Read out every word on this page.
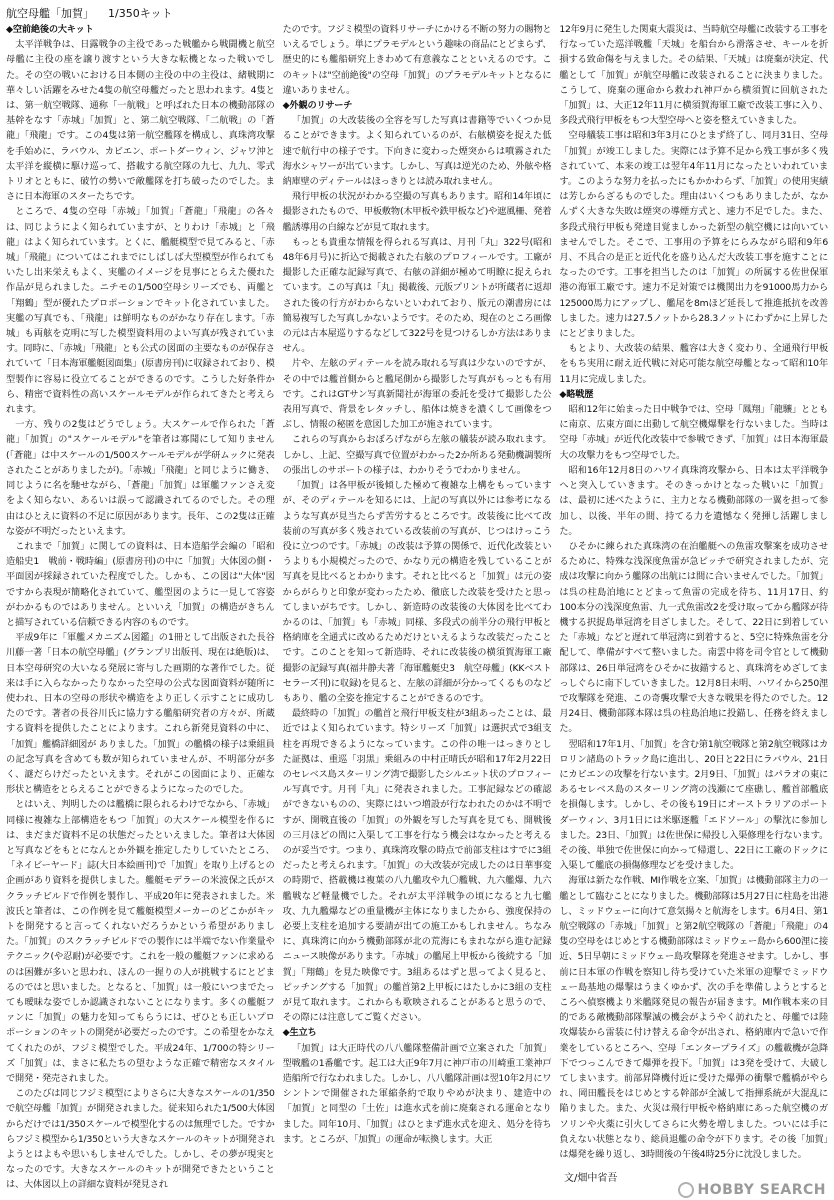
航空母艦「加賀」 1/350キット

◆ 空前絶後の大キット

太平洋戦争は、日露戦争の主役であった戦艦から戦闘機と航空母艦に主役の座を譲り渡すという大きな転機となった戦いでした。その空の戦いにおける日本側の主役の中の主役は、緒戦期に華々しい活躍をみせた4隻の航空母艦だったと思われます。4隻とは、第一航空戦隊、通称「一航戦」と呼ばれた日本の機動部隊の基幹をなす「赤城」「加賀」と、第二航空戦隊、「二航戦」の「蒼龍」「飛龍」です。この4隻は第一航空艦隊を構成し、真珠湾攻撃を手始めに、ラバウル、カビエン、ポートダーウィン、ジャワ沖と太平洋を縦横に駆け巡って、搭載する航空隊の九七、九九、零式トリオとともに、破竹の勢いで敵艦隊を打ち破ったのでした。まさに日本海軍のスターたちです。

ところで、4隻の空母「赤城」「加賀」「蒼龍」「飛龍」の各々は、同じようによく知られていますが、とりわけ「赤城」と「飛龍」はよく知られています。とくに、艦艇模型で見てみると、「赤城」「飛龍」についてはこれまでにしばしば大型模型が作られてもいたし出来栄えもよく、実艦のイメージを見事にとらえた優れた作品が見られました。ニチモの1/500空母シリーズでも、両艦と「翔鶴」型が優れたプロポーションでキット化されていました。実艦の写真でも、「飛龍」は鮮明なものがかなり存在します。「赤城」も両舷を克明に写した模型資料用のよい写真が残されています。同時に、「赤城」「飛龍」とも公式の図面の主要なものが保存されていて「日本海軍艦艇図面集」(原書房刊)に収録されており、模型製作に容易に役立てることができるのです。こうした好条件から、精密で資料性の高いスケールモデルが作られてきたと考えられます。

一方、残りの2隻はどうでしょう。大スケールで作られた「蒼龍」「加賀」の"スケールモデル"を筆者は寡聞にして知りません(「蒼龍」は中スケールの1/500スケールモデルが学研ムックに発表されたことがありましたが)。「赤城」「飛龍」と同じように働き、同じように名を馳せながら、「蒼龍」「加賀」は軍艦ファンさえ変をよく知らない、あるいは誤って認識されてるのでした。その理由はひとえに資料の不足に原因があります。長年、この2隻は正確な姿が不明だったといえます。

これまで「加賀」に関しての資料は、日本造船学会編の「昭和造船史1　戦前・戦時編」(原書房刊)の中に「加賀」大体図の側・平面図が採録されていた程度でした。しかも、この図は"大体"図ですから表現が簡略化されていて、艦型図のように一見して容姿がわかるものではありません。といいえ「加賀」の構造がきちんと描写されている信頼できる内容のものです。

平成9年に「軍艦メカニズム図鑑」の1冊として出版された長谷川藤一著「日本の航空母艦」(グランプリ出版刊、現在は絶版)は、日本空母研究の大いなる発展に寄与した画期的な著作でした。従来は手に入らなかったりなかった空母の公式な図面資料が随所に使われ、日本の空母の形状や構造をより正しく示すことに成功したのです。著者の長谷川氏に協力する艦船研究者の方々が、所蔵する資料を提供したことによります。これら新発見資料の中に、「加賀」艦橋詳細図が ありました。「加賀」の艦橋の様子は乗組員の記念写真を含めても数が知られていませんが、不明部分が多く、謎だらけだったといえます。それがこの図面により、正確な形状と構造をとらえることができるようになったのでした。

とはいえ、判明したのは艦橋に限られるわけでなから、「赤城」同様に複雑な上部構造をもつ「加賀」の大スケール模型を作るには、まだまだ資料不足の状態だったといえました。筆者は大体図と写真などをもとになんとか外観を推定したりしていたところ、「ネイビーヤード」誌(大日本絵画刊)で「加賀」を取り上げるとの企画があり資料を提供しました。艦艇モデラーの米波保之氏がスクラッチビルドで作例を製作し、平成20年に発表されました。米波氏と筆者は、この作例を見て艦艇模型メーカーのどこかがキットを開発すると言ってくれないだろうかという希望がありました。「加賀」のスクラッチビルドでの製作には半端でない作業量やテクニック(や忍耐)が必要です。これを一般の艦艇ファンに求めるのは困難が多いと思われ、ほんの一握りの人が挑戦するにとどまるのではと思いました。となると、「加賀」は一般にいつまでたっても曖昧な姿でしか認識されないことになります。多くの艦艇ファンに「加賀」の魅力を知ってもらうには、ぜひとも正しいプロポーションのキットの開発が必要だったのです。この希望をかなえてくれたのが、フジミ模型でした。平成24年、1/700の特シリーズ「加賀」は、まさに私たちの望むような正確で精密なスタイルで開発・発売されました。

このたびは同じフジミ模型によりさらに大きなスケールの1/350で航空母艦「加賀」が開発されました。従来知られた1/500大体図からだけでは1/350スケールで模型化するのは無理でした。ですからフジミ模型から1/350という大きなスケールのキットが開発されようとはよもや思いもしませんでした。しかし、その夢が現実となったのです。大きなスケールのキットが開発できたということは、大体図以上の詳細な資料が発見され

たのです。フジミ模型の資料リサーチにかける不断の努力の賜物といえるでしょう。単にプラモデルという趣味の商品にとどまらず、歴史的にも艦船研究上きわめて有意義なことといえるのです。このキットは"空前絶後"の空母「加賀」のプラモデルキットとなるに違いありません。

◆ 外観のリサーチ

「加賀」の大改装後の全容を写した写真は書籍等でいくつか見ることができます。よく知られているのが、右舷横姿を捉えた低速で航行中の様子です。下向きに変わった煙突からは噴霧された海水シャワーが出ています。しかし、写真は逆光のため、外舷や格納庫壁のディテールはほっきりとは読み取れません。

飛行甲板の状況がわかる空撮の写真もあります。昭和14年頃に撮影されたもので、甲板敷物(木甲板や鉄甲板など)や遮風柵、発着艦誘導用の白線などが見て取れます。

もっとも貴重な情報を得られる写真は、月刊「丸」322号(昭和48年6月号)に折込で掲載された右舷のプロフィールです。工廠が撮影した正確な記録写真で、右舷の詳細が極めて明瞭に捉えられています。この写真は「丸」掲載後、元版プリントが所蔵者に返却された後の行方がわからないといわれており、版元の潮書房には簡易複写した写真しかないようです。そのため、現在のところ画像の元は古本屋巡りするなどして322号を見つけるしか方法はありません。

片や、左舷のディテールを読み取れる写真は少ないのですが、その中では艦首側からと艦尾側から撮影した写真がもっとも有用です。これはGTサン写真新聞社が海軍の委託を受けて撮影した公表用写真で、背景をレタッチし、船体は焼きを濃くして画像をつぶし、情報の秘匿を意図した加工が施されています。

これらの写真からおぼろげながら左舷の艤装が読み取れます。しかし、上記、空撮写真で位置がわかった2か所ある発動機調製所の張出しのサポートの様子は、わかりそうでわかりません。

「加賀」は各甲板が後傾した極めて複雑な上構をもっていますが、そのディテールを知るには、上記の写真以外には参考になるような写真が見当たらず苦労するところです。改装後に比べて改装前の写真が多く残されている改装前の写真が、じつはけっこう役に立つのです。「赤城」の改装は予算の関係で、近代化改装というよりも小規模だったので、かなり元の構造を残していることが写真を見比べるとわかります。それと比べると「加賀」は元の姿からがらりと印象が変わったため、徹底した改装を受けたと思ってしまいがちです。しかし、新造時の改装後の大体図を比べてわかるのは、「加賀」も「赤城」同様、多段式の前半分の飛行甲板と格納庫を全通式に改めるためだけといえるような改装だったことです。このことを知って新造時、それに改装後の横須賀海軍工廠撮影の記録写真(福井静夫著「海軍艦艇史3　航空母艦」(KKベストセラーズ刊)に収録)を見ると、左舷の詳細が分かってくるものなどもあり、艦の全姿を推定することができるのです。

最終時の「加賀」の艦首と飛行甲板支柱が3組あったことは、最近ではよく知られています。特シリーズ「加賀」は選択式で3組支柱を再現できるようになっています。この件の唯一はっきりとした証拠は、重巡「羽黒」乗組みの中村正晴氏が昭和17年2月22日のセレベス島スターリング湾で撮影したシルエット状のプロフィール写真です。月刊「丸」に発表されました。工事記録などの確認ができないものの、実際にはいつ増設が行なわれたのかは不明ですが、開戦直後の「加賀」の外観を写した写真を見ても、開戦後の三月ほどの間に入渠して工事を行なう機会はなかったと考えるのが妥当です。つまり、真珠湾攻撃の時点で前部支柱はすでに3組だったと考えられます。「加賀」の大改装が完成したのは日華事変の時期で、搭載機は複葉の八九艦攻や九〇艦戦、九六艦爆、九六艦戦など軽量機でした。それが太平洋戦争の頃になると九七艦攻、九九艦爆などの重量機が主体になりましたから、強度保持の必要上支柱を追加する要請が出ての施工かもしれません。ちなみに、真珠湾に向かう機動部隊が北の荒海にもまれながら進む記録ニュース映像があります。「赤城」の艦尾上甲板から後続する「加賀」「翔鶴」を見た映像です。3組あるはずと思ってよく見ると、ピッチングする「加賀」の艦首第2上甲板にはたしかに3組の支柱が見て取れます。これからも歌映されることがあると思うので、その際には注意してご覧ください。

◆ 生立ち

「加賀」は大正時代の八八艦隊整備計画で立案された「加賀」型戦艦の1番艦です。起工は大正9年7月に神戸市の川崎重工業神戸造船所で行なわれました。しかし、八八艦隊計画は翌10年2月にワシントンで開催された軍縮条約で取りやめが決まり、建造中の「加賀」と同型の「土佐」は進水式を前に廃棄される運命となりました。同年10月、「加賀」はひとまず進水式を迎え、処分を待ちます。ところが、「加賀」の運命が転換します。大正

12年9月に発生した関東大震災は、当時航空母艦に改装する工事を行なっていた巡洋戦艦「天城」を船台から滑落させ、キールを折損する致命傷を与えました。その結果、「天城」は廃棄が決定、代艦として「加賀」が航空母艦に改装されることに決まりました。こうして、廃棄の運命から救われ神戸から横須賀に回航された「加賀」は、大正12年11月に横須賀海軍工廠で改装工事に入り、多段式飛行甲板をもつ大型空母へと姿を整えていきました。

空母艤装工事は昭和3年3月にひとまず終了し、同月31日、空母「加賀」が竣工しました。実際には予算不足から残工事が多く残されていて、本来の竣工は翌年4年11月になったといわれています。このような努力を払ったにもかかわらず、「加賀」の使用実績は芳しからざるものでした。理由はいくつもありましたが、なかんずく大きな失敗は煙突の導煙方式と、速力不足でした。また、多段式飛行甲板も発達目覚ましかった新型の航空機には向いていませんでした。そこで、工事用の予算をにらみながら昭和9年6月、不具合の是正と近代化を盛り込んだ大改装工事を施すことになったのです。工事を担当したのは「加賀」の所属する佐世保軍港の海軍工廠です。速力不足対策では機関出力を91000馬力から125000馬力にアップし、艦尾を8mほど延長して推進抵抗を改善しました。速力は27.5ノットから28.3ノットにわずかに上昇したにとどまりました。

もとより、大改装の結果、艦容は大きく変わり、全通飛行甲板をもち実用に耐え近代戦に対応可能な航空母艦となって昭和10年11月に完成しました。

◆ 略戦歴

昭和12年に始まった日中戦争では、空母「鳳翔」「龍驤」とともに南京、広東方面に出動して航空機爆撃を行ないました。当時は空母「赤城」が近代化改装中で参戦できず、「加賀」は日本海軍最大の攻撃力をもつ空母でした。

昭和16年12月8日のハワイ真珠湾攻撃から、日本は太平洋戦争へと突入していきます。そのきっかけとなった戦いに「加賀」は、最初に述べたように、主力となる機動部隊の一翼を担って参加し、以後、半年の間、持てる力を遺憾なく発揮し活躍しました。

ひそかに練られた真珠湾の在泊艦艇への魚雷攻撃案を成功させるために、特殊な浅深度魚雷が急ピッチで研究されましたが、完成は攻撃に向かう艦隊の出航には間に合いませんでした。「加賀」は呉の柱島泊地にとどまって魚雷の完成を待ち、11月17日、約100本分の浅深度魚雷、九一式魚雷改2を受け取ってから艦隊が待機する択捉島単冠湾を目ざしました。そして、22日に到着していた「赤城」などと遅れて単冠湾に到着すると、5空に特殊魚雷を分配して、準備がすべて整いました。南雲中将を司令官として機動部隊は、26日単冠湾をひそかに抜錨すると、真珠湾をめざしてまっしぐらに南下していきました。12月8日未明、ハワイから250浬で攻撃隊を発進、この奇襲攻撃で大きな戦果を得たのでした。12月24日、機動部隊本隊は呉の柱島泊地に投錨し、任務を終えました。

翌昭和17年1月、「加賀」を含む第1航空戦隊と第2航空戦隊はカロリン諸島のトラック島に進出し、20日と22日にラバウル、21日にカビエンの攻撃を行ないます。2月9日、「加賀」はパラオの東にあるセレベス島のスターリング湾の浅瀬にて座礁し、艦首部艦底を損傷します。しかし、その後も19日にオーストラリアのポートダーウィン、3月1日には米駆逐艦「エドソール」の撃沈に参加しました。23日、「加賀」は佐世保に帰投し入渠修理を行ないます。その後、単独で佐世保に向かって帰還し、22日に工廠のドックに入渠して艦底の損傷修理などを受けました。

海軍は新たな作戦、MI作戦を立案、「加賀」は機動部隊主力の一艦として臨むことになりました。機動部隊は5月27日に柱島を出港し、ミッドウェーに向けて意気揚々と航海をします。6月4日、第1航空戦隊の「赤城」「加賀」と第2航空戦隊の「蒼龍」「飛龍」の4隻の空母をはじめとする機動部隊はミッドウェー島から600浬に接近、5日早朝にミッドウェー島攻撃隊を発進させます。しかし、事前に日本軍の作戦を察知し待ち受けていた米軍の迎撃でミッドウェー島基地の爆撃はうまくゆかず、次の手を準備しようとするところへ偵察機より米艦隊発見の報告が届きます。MI作戦本来の目的である敵機動部隊撃滅の機会がようやく訪れたと、母艦では陸攻爆装から雷装に付け替える命令が出され、格納庫内で急いで作業をしているところへ、空母「エンタープライズ」の艦載機が急降下でつっこんできて爆弾を投下。「加賀」は3発を受けて、大破してしまいます。前部昇降機付近に受けた爆弾の衝撃で艦橋がやられ、岡田艦長をはじめとする幹部が全滅して指揮系統が大混乱に陥りました。また、火災は飛行甲板や格納庫にあった航空機のガソリンや火薬に引火してさらに火勢を増しました。ついには手に負えない状態となり、総員退艦の命令が下ります。その後「加賀」は爆発を繰り返し、3時間後の午後4時25分に沈没しました。

文/畑中省吾
HOBBY SEARCH
